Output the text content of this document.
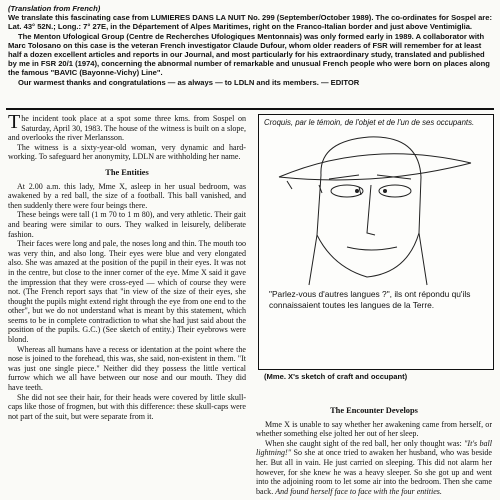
(Translation from French)

We translate this fascinating case from LUMIERES DANS LA NUIT No. 299 (September/October 1989). The co-ordinates for Sospel are: Lat. 43° 52N.; Long.: 7° 27E, in the Département of Alpes Maritimes, right on the Franco-Italian border and just above Ventimiglia.

The Menton Ufological Group (Centre de Recherches Ufologiques Mentonnais) was only formed early in 1989. A collaborator with Marc Tolosano on this case is the veteran French investigator Claude Dufour, whom older readers of FSR will remember for at least half a dozen excellent articles and reports in our Journal, and most particularly for his extraordinary study, translated and published by me in FSR 20/1 (1974), concerning the abnormal number of remarkable and unusual French people who were born on places along the famous "BAVIC (Bayonne-Vichy) Line".

Our warmest thanks and congratulations — as always — to LDLN and its members. — EDITOR

The incident took place at a spot some three kms. from Sospel on Saturday, April 30, 1983. The house of the witness is built on a slope, and overlooks the river Merlansson.

The witness is a sixty-year-old woman, very dynamic and hard-working. To safeguard her anonymity, LDLN are withholding her name.

The Entities

At 2.00 a.m. this lady, Mme X, asleep in her usual bedroom, was awakened by a red ball, the size of a football. This ball vanished, and then suddenly there were four beings there.

These beings were tall (1 m 70 to 1 m 80), and very athletic. Their gait and bearing were similar to ours. They walked in leisurely, deliberate fashion.

Their faces were long and pale, the noses long and thin. The mouth too was very thin, and also long. Their eyes were blue and very elongated also. She was amazed at the position of the pupil in their eyes. It was not in the centre, but close to the inner corner of the eye. Mme X said it gave the impression that they were cross-eyed — which of course they were not. (The French report says that "in view of the size of their eyes, she thought the pupils might extend right through the eye from one end to the other", but we do not understand what is meant by this statement, which seems to be in complete contradiction to what she had just said about the position of the pupils. G.C.) (See sketch of entity.) Their eyebrows were blond.

Whereas all humans have a recess or identation at the point where the nose is joined to the forehead, this was, she said, non-existent in them. "It was just one single piece." Neither did they possess the little vertical furrow which we all have between our nose and our mouth. They did have teeth.

She did not see their hair, for their heads were covered by little skull-caps like those of frogmen, but with this difference: these skull-caps were not part of the suit, but were separate from it.

Croquis, par le témoin, de l'objet et de l'un de ses occupants.
"Parlez-vous d'autres langues ?", ils ont répondu qu'ils connaissaient toutes les langues de la Terre.
(Mme. X's sketch of craft and occupant)
The Encounter Develops

Mme X is unable to say whether her awakening came from herself, or whether something else jolted her out of her sleep.

When she caught sight of the red ball, her only thought was: "It's ball lightning!" So she at once tried to awaken her husband, who was beside her. But all in vain. He just carried on sleeping. This did not alarm her however, for she knew he was a heavy sleeper. So she got up and went into the adjoining room to let some air into the bedroom. Then she came back. And found herself face to face with the four entities.
